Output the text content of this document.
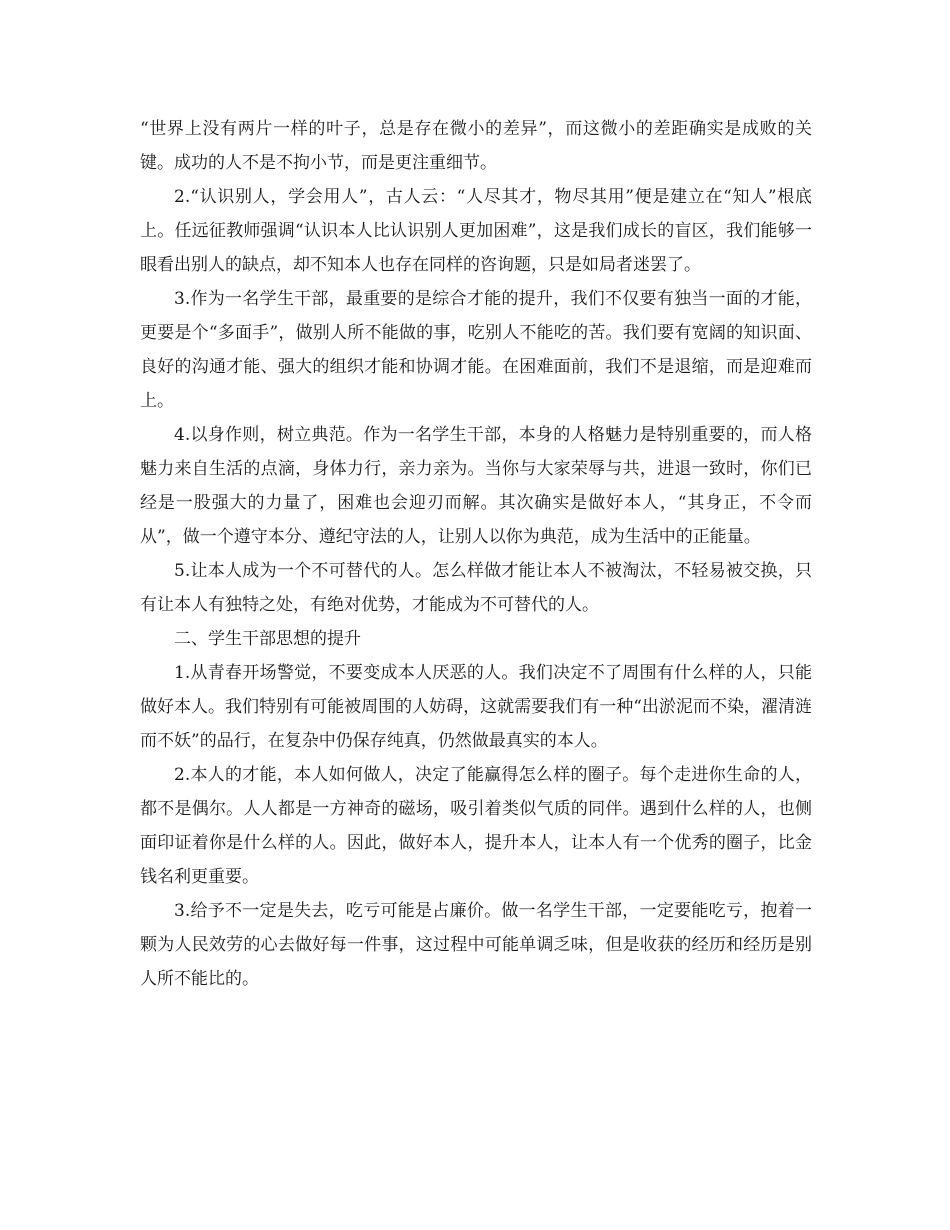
“世界上没有两片一样的叶子，总是存在微小的差异”，而这微小的差距确实是成败的关键。成功的人不是不拘小节，而是更注重细节。

2.“认识别人，学会用人”，古人云：“人尽其才，物尽其用”便是建立在“知人”根底上。任远征教师强调“认识本人比认识别人更加困难”，这是我们成长的盲区，我们能够一眼看出别人的缺点，却不知本人也存在同样的咨询题，只是如局者迷罢了。

3.作为一名学生干部，最重要的是综合才能的提升，我们不仅要有独当一面的才能，更要是个“多面手”，做别人所不能做的事，吃别人不能吃的苦。我们要有宽阔的知识面、良好的沟通才能、强大的组织才能和协调才能。在困难面前，我们不是退缩，而是迎难而上。

4.以身作则，树立典范。作为一名学生干部，本身的人格魅力是特别重要的，而人格魅力来自生活的点滴，身体力行，亲力亲为。当你与大家荣辱与共，进退一致时，你们已经是一股强大的力量了，困难也会迎刃而解。其次确实是做好本人，“其身正，不令而从”，做一个遵守本分、遵纪守法的人，让别人以你为典范，成为生活中的正能量。

5.让本人成为一个不可替代的人。怎么样做才能让本人不被淘汰，不轻易被交换，只有让本人有独特之处，有绝对优势，才能成为不可替代的人。

二、学生干部思想的提升

1.从青春开场警觉，不要变成本人厌恶的人。我们决定不了周围有什么样的人，只能做好本人。我们特别有可能被周围的人妨碍，这就需要我们有一种“出淤泥而不染，濯清涟而不妖”的品行，在复杂中仍保存纯真，仍然做最真实的本人。

2.本人的才能，本人如何做人，决定了能赢得怎么样的圈子。每个走进你生命的人，都不是偶尔。人人都是一方神奇的磁场，吸引着类似气质的同伴。遇到什么样的人，也侧面印证着你是什么样的人。因此，做好本人，提升本人，让本人有一个优秀的圈子，比金钱名利更重要。

3.给予不一定是失去，吃亏可能是占廉价。做一名学生干部，一定要能吃亏，抱着一颗为人民效劳的心去做好每一件事，这过程中可能单调乏味，但是收获的经历和经历是别人所不能比的。
